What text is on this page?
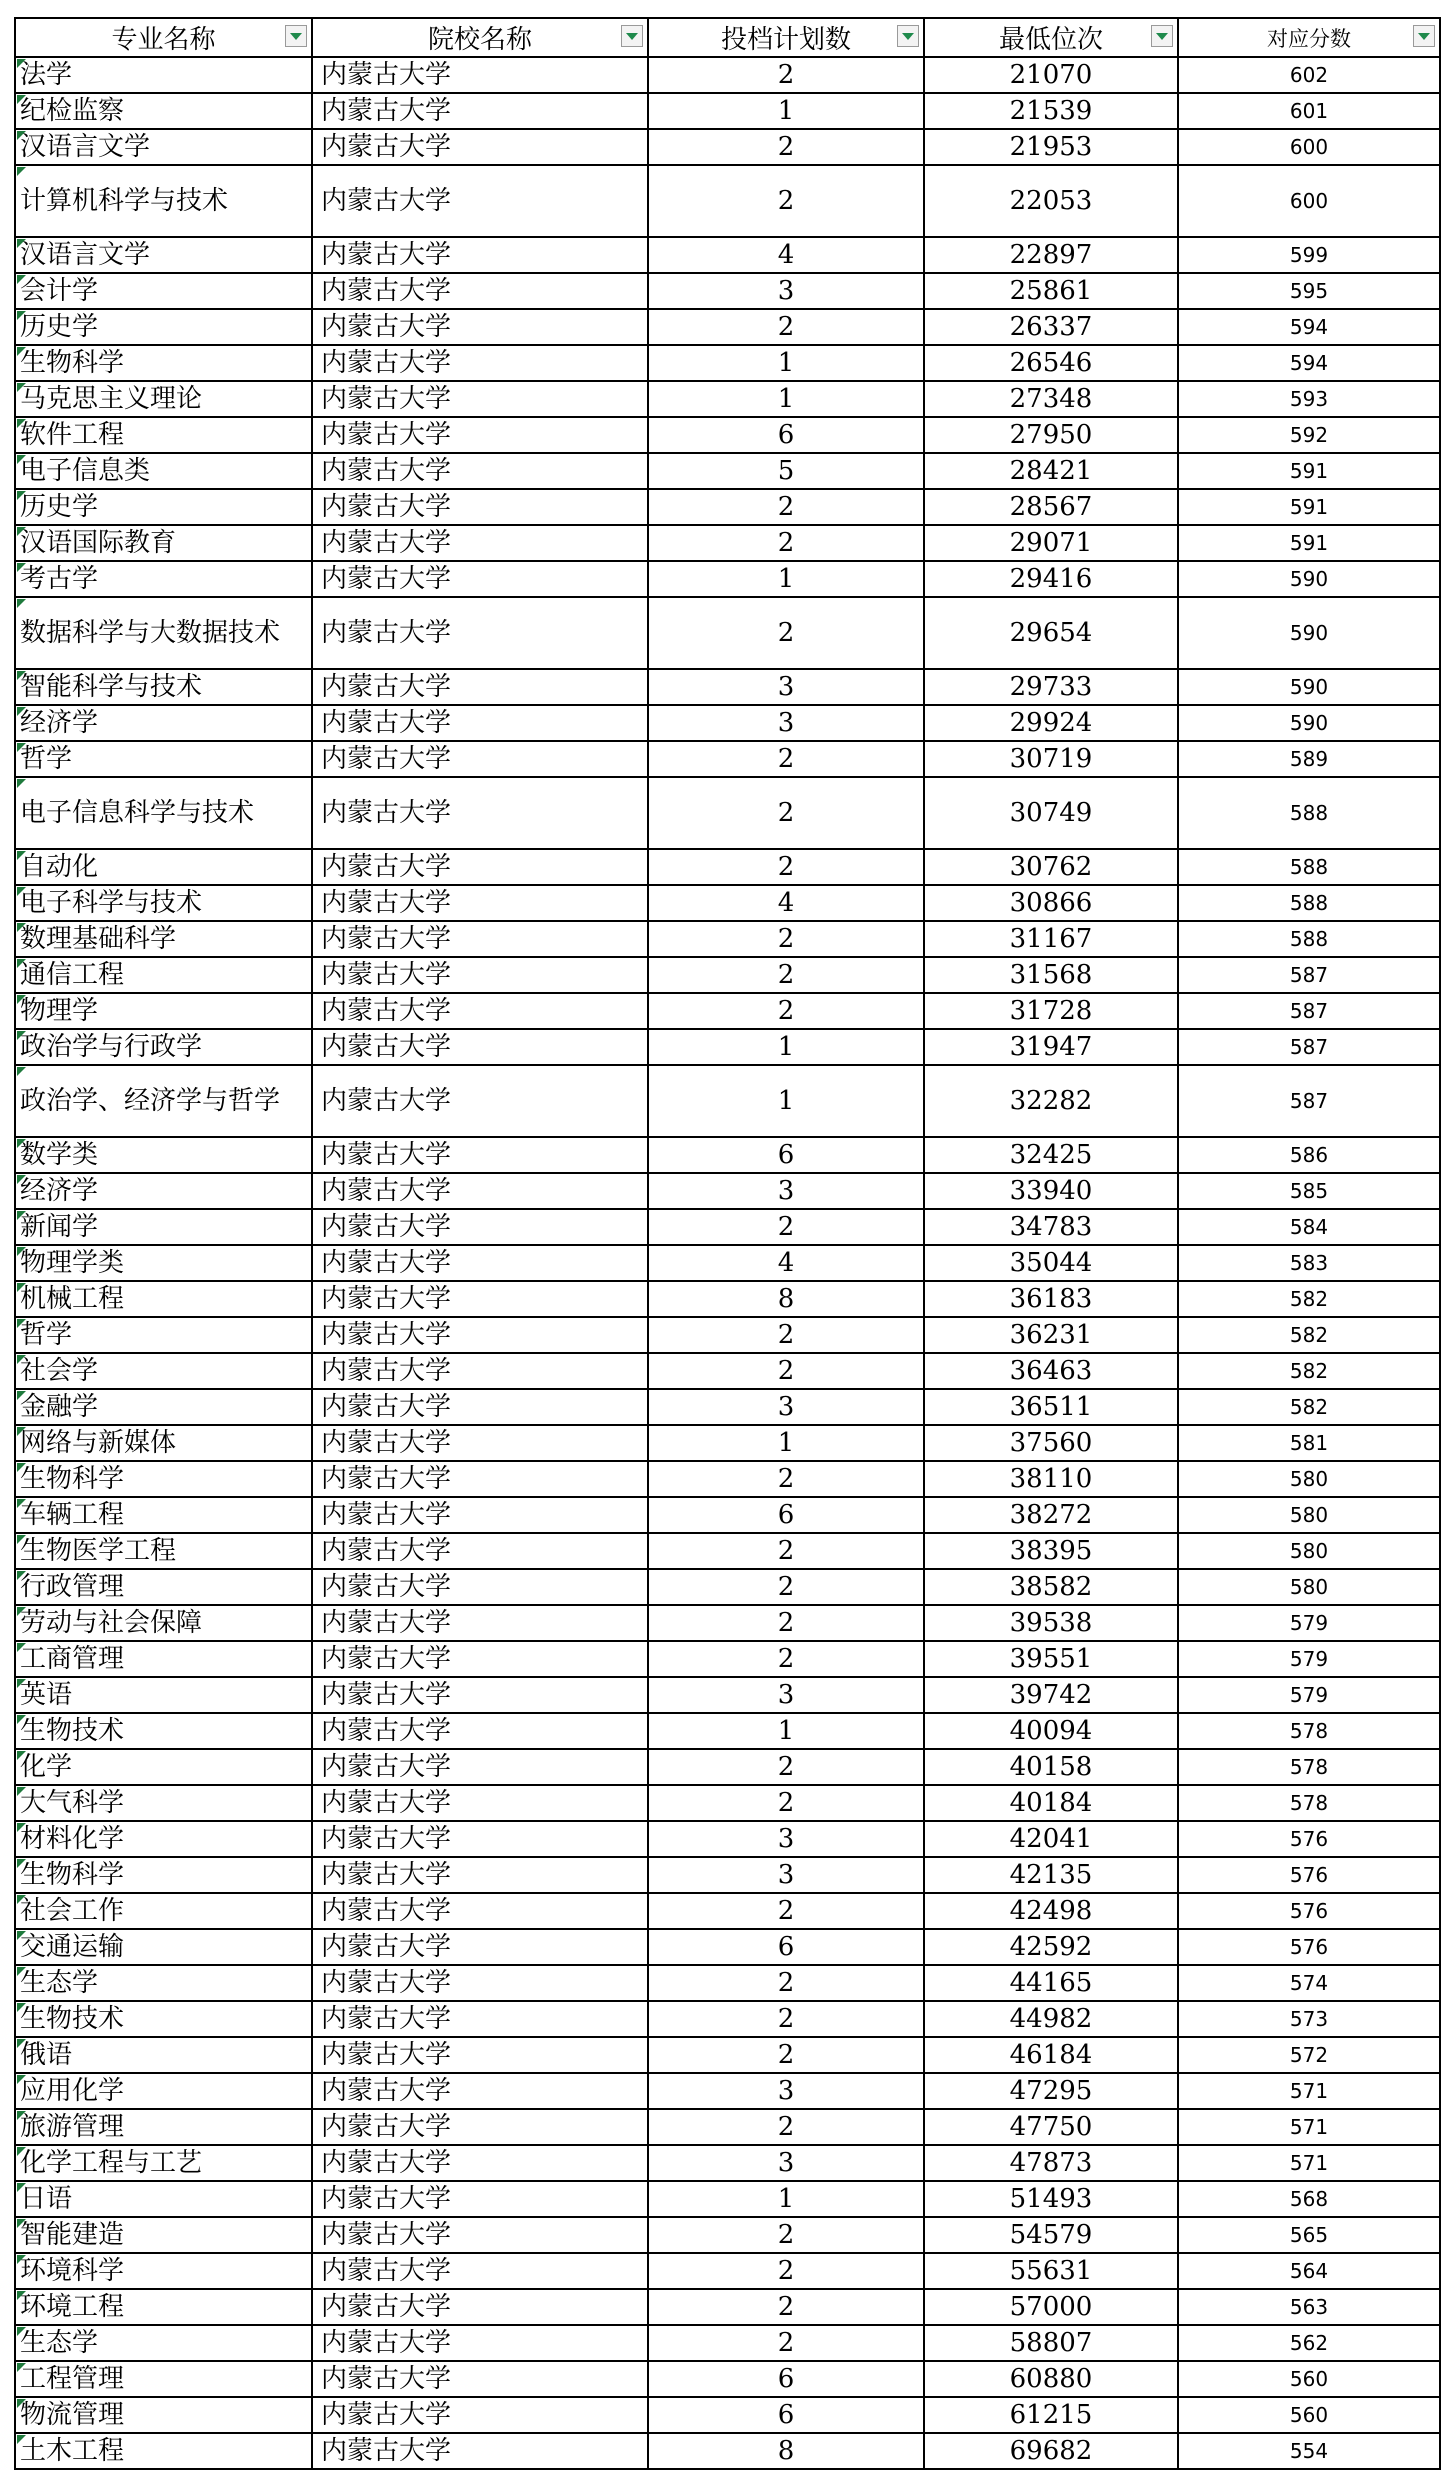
专业名称	院校名称	投档计划数	最低位次	对应分数

法学	内蒙古大学	2	21070	602

纪检监察	内蒙古大学	1	21539	601

汉语言文学	内蒙古大学	2	21953	600

计算机科学与技术	内蒙古大学	2	22053	600

汉语言文学	内蒙古大学	4	22897	599

会计学	内蒙古大学	3	25861	595

历史学	内蒙古大学	2	26337	594

生物科学	内蒙古大学	1	26546	594

马克思主义理论	内蒙古大学	1	27348	593

软件工程	内蒙古大学	6	27950	592

电子信息类	内蒙古大学	5	28421	591

历史学	内蒙古大学	2	28567	591

汉语国际教育	内蒙古大学	2	29071	591

考古学	内蒙古大学	1	29416	590

数据科学与大数据技术	内蒙古大学	2	29654	590

智能科学与技术	内蒙古大学	3	29733	590

经济学	内蒙古大学	3	29924	590

哲学	内蒙古大学	2	30719	589

电子信息科学与技术	内蒙古大学	2	30749	588

自动化	内蒙古大学	2	30762	588

电子科学与技术	内蒙古大学	4	30866	588

数理基础科学	内蒙古大学	2	31167	588

通信工程	内蒙古大学	2	31568	587

物理学	内蒙古大学	2	31728	587

政治学与行政学	内蒙古大学	1	31947	587

政治学、经济学与哲学	内蒙古大学	1	32282	587

数学类	内蒙古大学	6	32425	586

经济学	内蒙古大学	3	33940	585

新闻学	内蒙古大学	2	34783	584

物理学类	内蒙古大学	4	35044	583

机械工程	内蒙古大学	8	36183	582

哲学	内蒙古大学	2	36231	582

社会学	内蒙古大学	2	36463	582

金融学	内蒙古大学	3	36511	582

网络与新媒体	内蒙古大学	1	37560	581

生物科学	内蒙古大学	2	38110	580

车辆工程	内蒙古大学	6	38272	580

生物医学工程	内蒙古大学	2	38395	580

行政管理	内蒙古大学	2	38582	580

劳动与社会保障	内蒙古大学	2	39538	579

工商管理	内蒙古大学	2	39551	579

英语	内蒙古大学	3	39742	579

生物技术	内蒙古大学	1	40094	578

化学	内蒙古大学	2	40158	578

大气科学	内蒙古大学	2	40184	578

材料化学	内蒙古大学	3	42041	576

生物科学	内蒙古大学	3	42135	576

社会工作	内蒙古大学	2	42498	576

交通运输	内蒙古大学	6	42592	576

生态学	内蒙古大学	2	44165	574

生物技术	内蒙古大学	2	44982	573

俄语	内蒙古大学	2	46184	572

应用化学	内蒙古大学	3	47295	571

旅游管理	内蒙古大学	2	47750	571

化学工程与工艺	内蒙古大学	3	47873	571

日语	内蒙古大学	1	51493	568

智能建造	内蒙古大学	2	54579	565

环境科学	内蒙古大学	2	55631	564

环境工程	内蒙古大学	2	57000	563

生态学	内蒙古大学	2	58807	562

工程管理	内蒙古大学	6	60880	560

物流管理	内蒙古大学	6	61215	560

土木工程	内蒙古大学	8	69682	554
